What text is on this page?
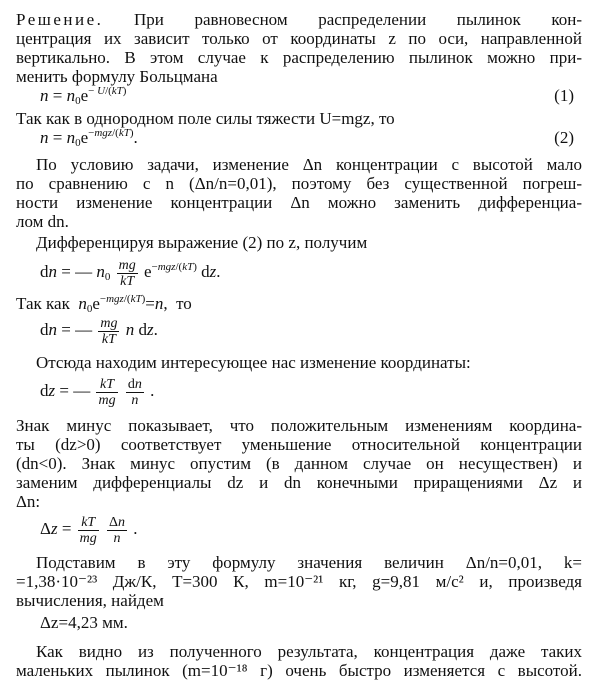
Решение. При равновесном распределении пылинок кон-
центрация их зависит только от координаты z по оси, направленной
вертикально. В этом случае к распределению пылинок можно при-
менить формулу Больцмана
$n = n_0e^{- U/(kT)}$	(1)
Так как в однородном поле силы тяжести U=mgz, то
$n = n_0e^{-mgz/(kT)}$.	(2)
По условию задачи, изменение Δn концентрации с высотой мало
по сравнению с n (Δn/n=0,01), поэтому без существенной погреш-
ности изменение концентрации Δn можно заменить дифференциа-
лом dn.
Дифференцируя выражение (2) по z, получим
dn = — $n_0 \frac{mg}{kT} e^{-mgz/(kT)}$ dz.
Так как $n_0e^{-mgz/(kT)}=n$,  то
dn = — $\frac{mg}{kT}$ n dz.
Отсюда находим интересующее нас изменение координаты:
dz = — $\frac{kT}{mg}$
$\frac{dn}{n}$ .
Знак минус показывает, что положительным изменениям координа-
ты (dz>0) соответствует уменьшение относительной концентрации
(dn<0). Знак минус опустим (в данном случае он несуществен) и
заменим дифференциалы dz и dn конечными приращениями Δz и
Δn:
$\Delta z = \frac{kT}{mg}$
$\frac{\Delta n}{n}$ .
Подставим в эту формулу значения величин Δn/n=0,01, k=
=1,38·10⁻²³ Дж/К, T=300 К, m=10⁻²¹ кг, g=9,81 м/с² и, произведя
вычисления, найдем
Δz=4,23 мм.
Как видно из полученного результата, концентрация даже таких
маленьких пылинок (m=10⁻¹⁸ г) очень быстро изменяется с высотой.
